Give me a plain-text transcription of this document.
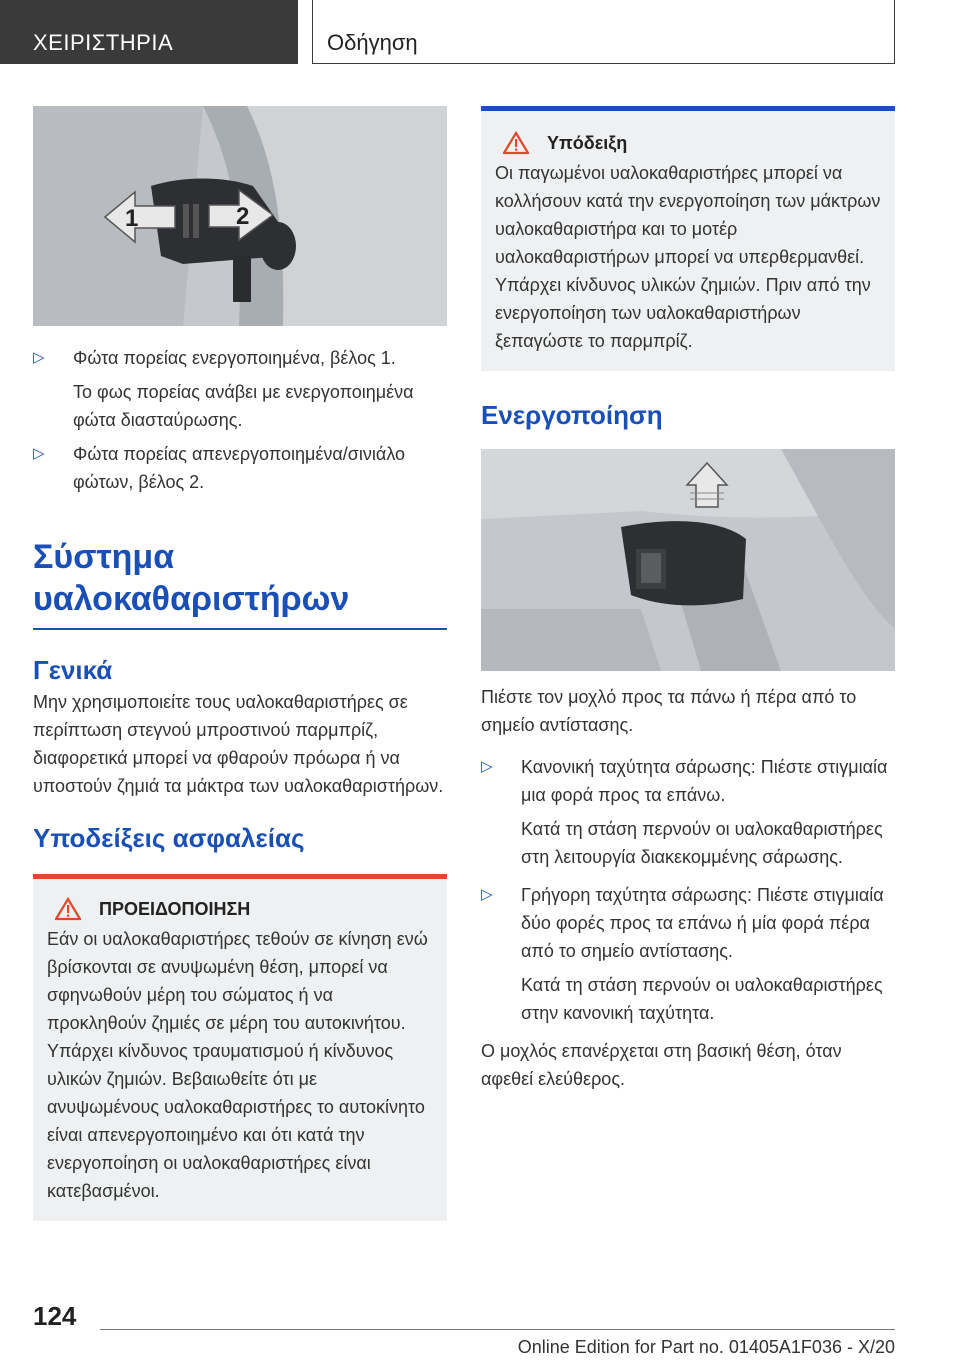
ΧΕΙΡΙΣΤΗΡΙΑ	Οδήγηση
1	2
▷ Φώτα πορείας ενεργοποιημένα, βέλος 1.

Το φως πορείας ανάβει με ενεργοποιημένα φώτα διασταύρωσης.

▷ Φώτα πορείας απενεργοποιημένα/σινιάλο φώτων, βέλος 2.

Σύστημα υαλοκαθαριστήρων
Γενικά

Μην χρησιμοποιείτε τους υαλοκαθαριστήρες σε περίπτωση στεγνού μπροστινού παρμπρίζ, διαφορετικά μπορεί να φθαρούν πρόωρα ή να υποστούν ζημιά τα μάκτρα των υαλοκαθαριστήρων.

Υποδείξεις ασφαλείας
ΠΡΟΕΙΔΟΠΟΙΗΣΗ

Εάν οι υαλοκαθαριστήρες τεθούν σε κίνηση ενώ βρίσκονται σε ανυψωμένη θέση, μπορεί να σφηνωθούν μέρη του σώματος ή να προκληθούν ζημιές σε μέρη του αυτοκινήτου. Υπάρχει κίνδυνος τραυματισμού ή κίνδυνος υλικών ζημιών. Βεβαιωθείτε ότι με ανυψωμένους υαλοκαθαριστήρες το αυτοκίνητο είναι απενεργοποιημένο και ότι κατά την ενεργοποίηση οι υαλοκαθαριστήρες είναι κατεβασμένοι.

Υπόδειξη

Οι παγωμένοι υαλοκαθαριστήρες μπορεί να κολλήσουν κατά την ενεργοποίηση των μάκτρων υαλοκαθαριστήρα και το μοτέρ υαλοκαθαριστήρων μπορεί να υπερθερμανθεί. Υπάρχει κίνδυνος υλικών ζημιών. Πριν από την ενεργοποίηση των υαλοκαθαριστήρων ξεπαγώστε το παρμπρίζ.

Ενεργοποίηση

Πιέστε τον μοχλό προς τα πάνω ή πέρα από το σημείο αντίστασης.

▷ Κανονική ταχύτητα σάρωσης: Πιέστε στιγμιαία μια φορά προς τα επάνω.

Κατά τη στάση περνούν οι υαλοκαθαριστήρες στη λειτουργία διακεκομμένης σάρωσης.

▷ Γρήγορη ταχύτητα σάρωσης: Πιέστε στιγμιαία δύο φορές προς τα επάνω ή μία φορά πέρα από το σημείο αντίστασης.

Κατά τη στάση περνούν οι υαλοκαθαριστήρες στην κανονική ταχύτητα.

Ο μοχλός επανέρχεται στη βασική θέση, όταν αφεθεί ελεύθερος.

124
Online Edition for Part no. 01405A1F036 - X/20
